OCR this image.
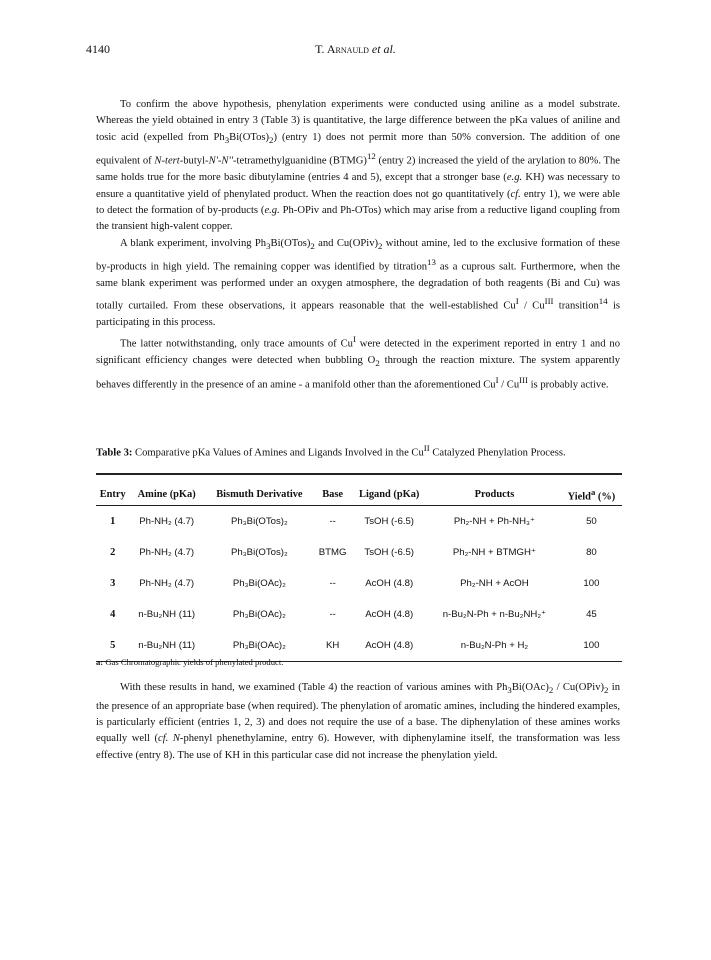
4140	T. Arnauld et al.

To confirm the above hypothesis, phenylation experiments were conducted using aniline as a model substrate. Whereas the yield obtained in entry 3 (Table 3) is quantitative, the large difference between the pKa values of aniline and tosic acid (expelled from $Ph_3Bi(OTos)_2$) (entry 1) does not permit more than 50% conversion. The addition of one equivalent of N-tert-butyl-N'-N''-tetramethylguanidine (BTMG)$^{12}$ (entry 2) increased the yield of the arylation to 80%. The same holds true for the more basic dibutylamine (entries 4 and 5), except that a stronger base (e.g. KH) was necessary to ensure a quantitative yield of phenylated product. When the reaction does not go quantitatively (cf. entry 1), we were able to detect the formation of by-products (e.g. Ph-OPiv and Ph-OTos) which may arise from a reductive ligand coupling from the transient high-valent copper.

A blank experiment, involving $Ph_3Bi(OTos)_2$ and $Cu(OPiv)_2$ without amine, led to the exclusive formation of these by-products in high yield. The remaining copper was identified by titration$^{13}$ as a cuprous salt. Furthermore, when the same blank experiment was performed under an oxygen atmosphere, the degradation of both reagents (Bi and Cu) was totally curtailed. From these observations, it appears reasonable that the well-established $Cu^I / Cu^{III}$ transition$^{14}$ is participating in this process.

The latter notwithstanding, only trace amounts of $Cu^I$ were detected in the experiment reported in entry 1 and no significant efficiency changes were detected when bubbling $O_2$ through the reaction mixture. The system apparently behaves differently in the presence of an amine - a manifold other than the aforementioned $Cu^I / Cu^{III}$ is probably active.

Table 3: Comparative pKa Values of Amines and Ligands Involved in the $Cu^{II}$ Catalyzed Phenylation Process.
Entry	Amine (pKa)	Bismuth Derivative	Base	Ligand (pKa)	Products	Yield$^a$ (%)
1	Ph-NH₂ (4.7)	Ph₃Bi(OTos)₂	--	TsOH (-6.5)	Ph₂-NH + Ph-NH₃⁺	50
2	Ph-NH₂ (4.7)	Ph₃Bi(OTos)₂	BTMG	TsOH (-6.5)	Ph₂-NH + BTMGH⁺	80
3	Ph-NH₂ (4.7)	Ph₃Bi(OAc)₂	--	AcOH (4.8)	Ph₂-NH + AcOH	100
4	n-Bu₂NH (11)	Ph₃Bi(OAc)₂	--	AcOH (4.8)	n-Bu₂N-Ph + n-Bu₂NH₂⁺	45
5	n-Bu₂NH (11)	Ph₃Bi(OAc)₂	KH	AcOH (4.8)	n-Bu₂N-Ph + H₂	100
a: Gas Chromatographic yields of phenylated product.

With these results in hand, we examined (Table 4) the reaction of various amines with $Ph_3Bi(OAc)_2$ / $Cu(OPiv)_2$ in the presence of an appropriate base (when required). The phenylation of aromatic amines, including the hindered examples, is particularly efficient (entries 1, 2, 3) and does not require the use of a base. The diphenylation of these amines works equally well (cf. N-phenyl phenethylamine, entry 6). However, with diphenylamine itself, the transformation was less effective (entry 8). The use of KH in this particular case did not increase the phenylation yield.
